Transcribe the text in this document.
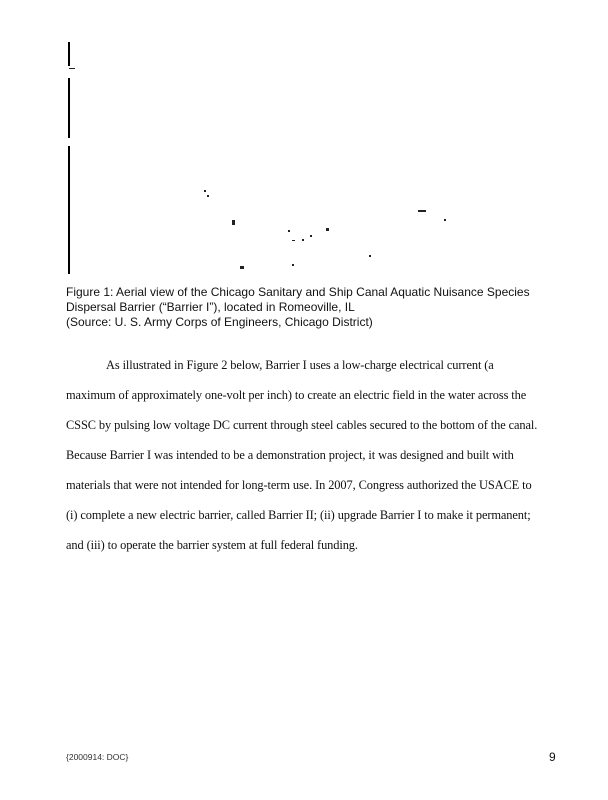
Figure 1: Aerial view of the Chicago Sanitary and Ship Canal Aquatic Nuisance Species
Dispersal Barrier (“Barrier I”), located in Romeoville, IL
(Source: U. S. Army Corps of Engineers, Chicago District)
As illustrated in Figure 2 below, Barrier I uses a low-charge electrical current (a
maximum of approximately one-volt per inch) to create an electric field in the water across the
CSSC by pulsing low voltage DC current through steel cables secured to the bottom of the canal.
Because Barrier I was intended to be a demonstration project, it was designed and built with
materials that were not intended for long-term use. In 2007, Congress authorized the USACE to
(i) complete a new electric barrier, called Barrier II; (ii) upgrade Barrier I to make it permanent;
and (iii) to operate the barrier system at full federal funding.
{2000914: DOC}	9
